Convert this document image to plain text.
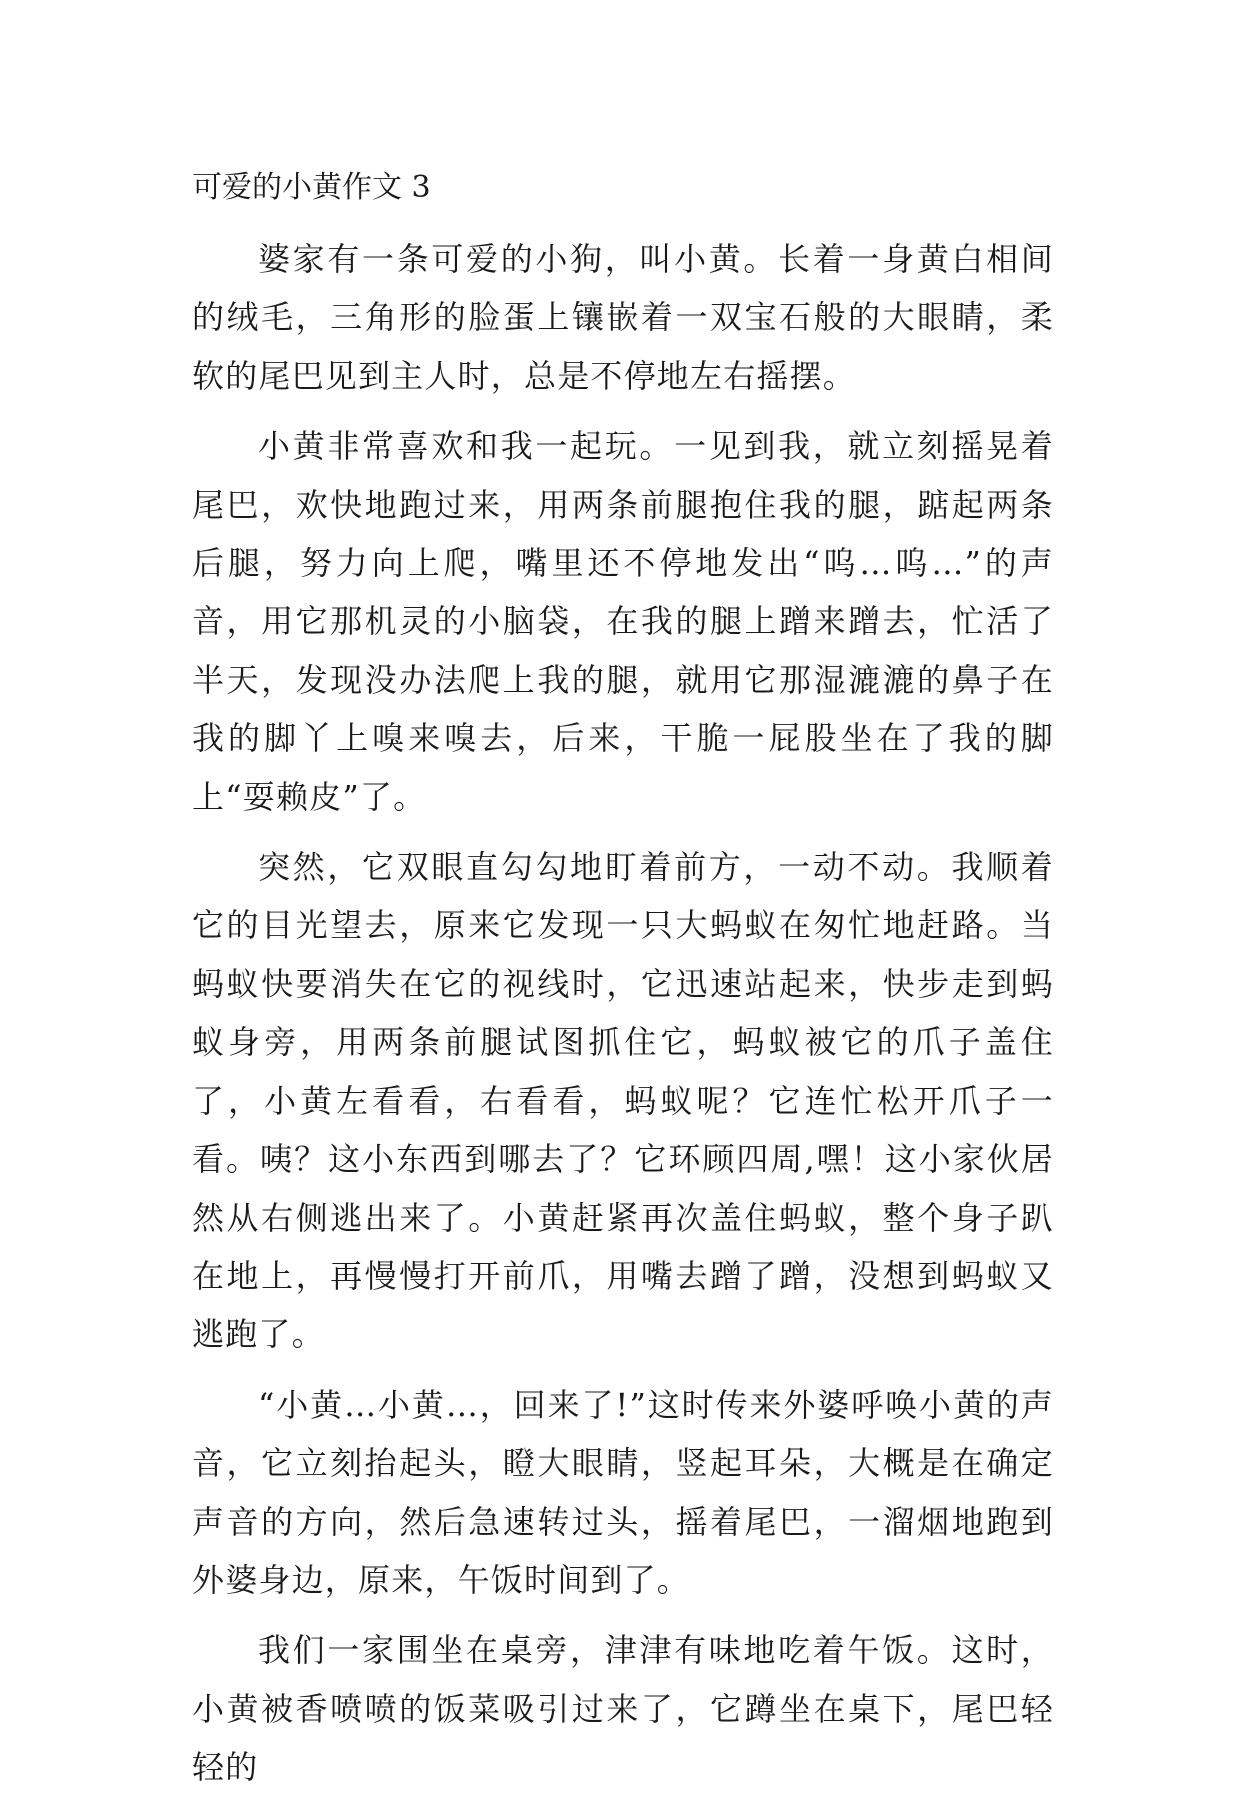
可爱的小黄作文 3

婆家有一条可爱的小狗，叫小黄。长着一身黄白相间的绒毛，三角形的脸蛋上镶嵌着一双宝石般的大眼睛，柔软的尾巴见到主人时，总是不停地左右摇摆。

小黄非常喜欢和我一起玩。一见到我，就立刻摇晃着尾巴，欢快地跑过来，用两条前腿抱住我的腿，踮起两条后腿，努力向上爬，嘴里还不停地发出“呜…呜…”的声音，用它那机灵的小脑袋，在我的腿上蹭来蹭去，忙活了半天，发现没办法爬上我的腿，就用它那湿漉漉的鼻子在我的脚丫上嗅来嗅去，后来，干脆一屁股坐在了我的脚上“耍赖皮”了。

突然，它双眼直勾勾地盯着前方，一动不动。我顺着它的目光望去，原来它发现一只大蚂蚁在匆忙地赶路。当蚂蚁快要消失在它的视线时，它迅速站起来，快步走到蚂蚁身旁，用两条前腿试图抓住它，蚂蚁被它的爪子盖住了，小黄左看看，右看看，蚂蚁呢？它连忙松开爪子一看。咦？这小东西到哪去了？它环顾四周,嘿！这小家伙居然从右侧逃出来了。小黄赶紧再次盖住蚂蚁，整个身子趴在地上，再慢慢打开前爪，用嘴去蹭了蹭，没想到蚂蚁又逃跑了。

“小黄…小黄…，回来了!”这时传来外婆呼唤小黄的声音，它立刻抬起头，瞪大眼睛，竖起耳朵，大概是在确定声音的方向，然后急速转过头，摇着尾巴，一溜烟地跑到外婆身边，原来，午饭时间到了。

我们一家围坐在桌旁，津津有味地吃着午饭。这时，小黄被香喷喷的饭菜吸引过来了，它蹲坐在桌下，尾巴轻轻的
